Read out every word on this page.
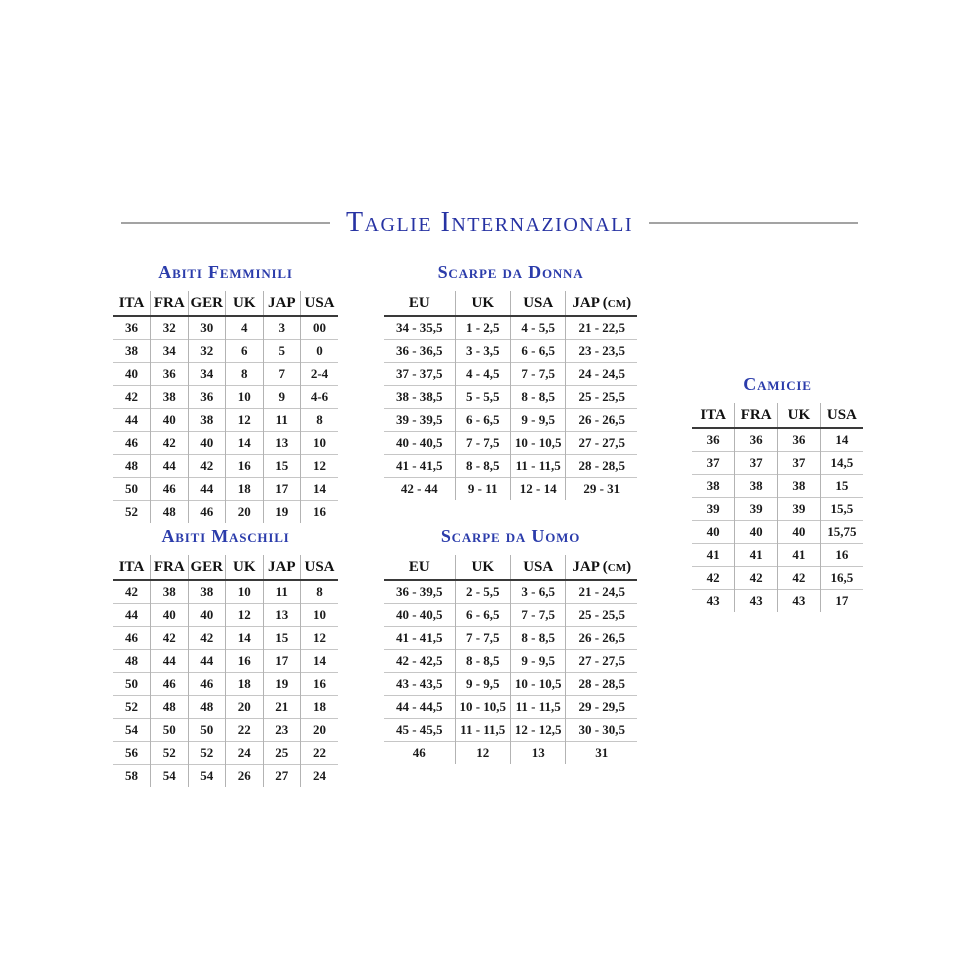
Taglie Internazionali
Abiti Femminili
ITA	FRA	GER	UK	JAP	USA
36	32	30	4	3	00
38	34	32	6	5	0
40	36	34	8	7	2-4
42	38	36	10	9	4-6
44	40	38	12	11	8
46	42	40	14	13	10
48	44	42	16	15	12
50	46	44	18	17	14
52	48	46	20	19	16
Scarpe da Donna
EU	UK	USA	JAP (cm)
34 - 35,5	1 - 2,5	4 - 5,5	21 - 22,5
36 - 36,5	3 - 3,5	6 - 6,5	23 - 23,5
37 - 37,5	4 - 4,5	7 - 7,5	24 - 24,5
38 - 38,5	5 - 5,5	8 - 8,5	25 - 25,5
39 - 39,5	6 - 6,5	9 - 9,5	26 - 26,5
40 - 40,5	7 - 7,5	10 - 10,5	27 - 27,5
41 - 41,5	8 - 8,5	11 - 11,5	28 - 28,5
42 - 44	9 - 11	12 - 14	29 - 31
Camicie
ITA	FRA	UK	USA
36	36	36	14
37	37	37	14,5
38	38	38	15
39	39	39	15,5
40	40	40	15,75
41	41	41	16
42	42	42	16,5
43	43	43	17
Abiti Maschili
ITA	FRA	GER	UK	JAP	USA
42	38	38	10	11	8
44	40	40	12	13	10
46	42	42	14	15	12
48	44	44	16	17	14
50	46	46	18	19	16
52	48	48	20	21	18
54	50	50	22	23	20
56	52	52	24	25	22
58	54	54	26	27	24
Scarpe da Uomo
EU	UK	USA	JAP (cm)
36 - 39,5	2 - 5,5	3 - 6,5	21 - 24,5
40 - 40,5	6 - 6,5	7 - 7,5	25 - 25,5
41 - 41,5	7 - 7,5	8 - 8,5	26 - 26,5
42 - 42,5	8 - 8,5	9 - 9,5	27 - 27,5
43 - 43,5	9 - 9,5	10 - 10,5	28 - 28,5
44 - 44,5	10 - 10,5	11 - 11,5	29 - 29,5
45 - 45,5	11 - 11,5	12 - 12,5	30 - 30,5
46	12	13	31
